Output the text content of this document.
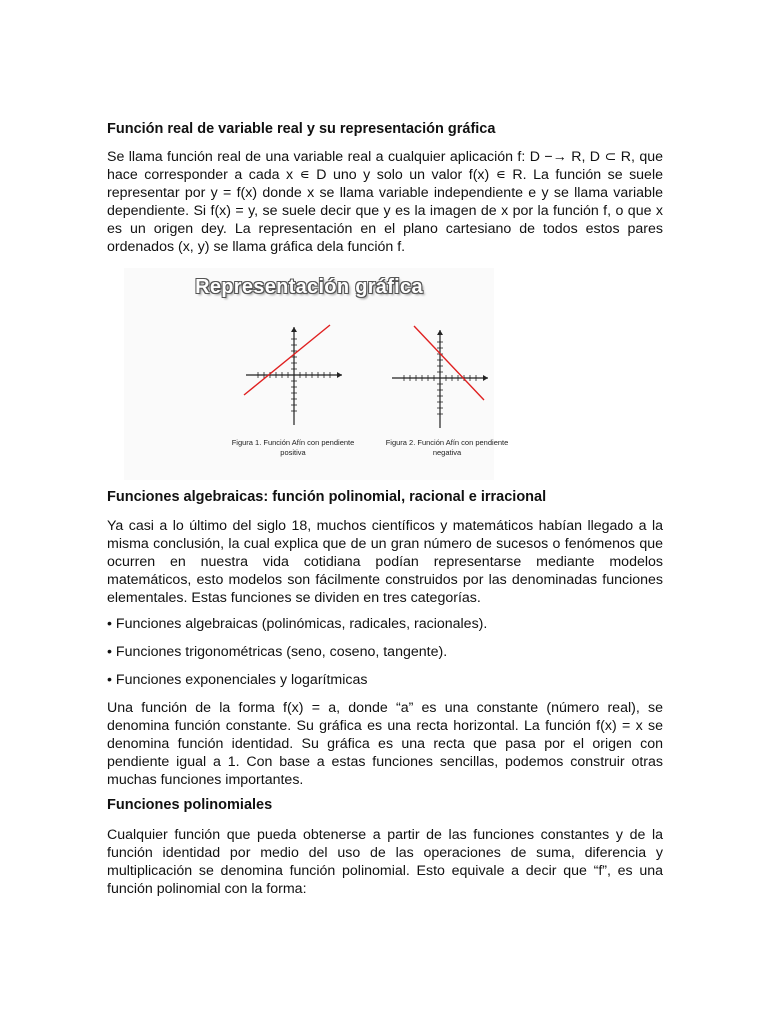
Función real de variable real y su representación gráfica
Se llama función real de una variable real a cualquier aplicación f: D −→ R, D ⊂ R, que hace corresponder a cada x ∊ D uno y solo un valor f(x) ∊ R. La función se suele representar por y = f(x) donde x se llama variable independiente e y se llama variable dependiente. Si f(x) = y, se suele decir que y es la imagen de x por la función f, o que x es un origen dey. La representación en el plano cartesiano de todos estos pares ordenados (x, y) se llama gráfica dela función f.
Funciones algebraicas: función polinomial, racional e irracional
Ya casi a lo último del siglo 18, muchos científicos y matemáticos habían llegado a la misma conclusión, la cual explica que de un gran número de sucesos o fenómenos que ocurren en nuestra vida cotidiana podían representarse mediante modelos matemáticos, esto modelos son fácilmente construidos por las denominadas funciones elementales. Estas funciones se dividen en tres categorías.
• Funciones algebraicas (polinómicas, radicales, racionales).
• Funciones trigonométricas (seno, coseno, tangente).
• Funciones exponenciales y logarítmicas
Una función de la forma f(x) = a, donde “a” es una constante (número real), se denomina función constante. Su gráfica es una recta horizontal. La función f(x) = x se denomina función identidad. Su gráfica es una recta que pasa por el origen con pendiente igual a 1. Con base a estas funciones sencillas, podemos construir otras muchas funciones importantes.
Funciones polinomiales
Cualquier función que pueda obtenerse a partir de las funciones constantes y de la función identidad por medio del uso de las operaciones de suma, diferencia y multiplicación se denomina función polinomial. Esto equivale a decir que “f”, es una función polinomial con la forma:
Representación gráfica
Figura 1. Función Afín con pendiente positiva
Figura 2. Función Afín con pendiente negativa
